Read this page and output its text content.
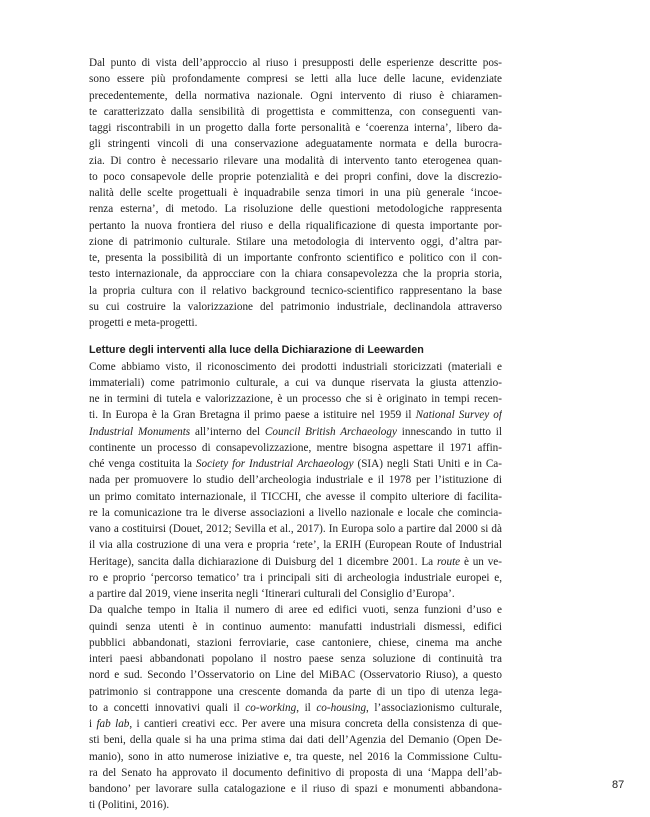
Dal punto di vista dell’approccio al riuso i presupposti delle esperienze descritte pos-
sono essere più profondamente compresi se letti alla luce delle lacune, evidenziate
precedentemente, della normativa nazionale. Ogni intervento di riuso è chiaramen-
te caratterizzato dalla sensibilità di progettista e committenza, con conseguenti van-
taggi riscontrabili in un progetto dalla forte personalità e ‘coerenza interna’, libero da-
gli stringenti vincoli di una conservazione adeguatamente normata e della burocra-
zia. Di contro è necessario rilevare una modalità di intervento tanto eterogenea quan-
to poco consapevole delle proprie potenzialità e dei propri confini, dove la discrezio-
nalità delle scelte progettuali è inquadrabile senza timori in una più generale ‘incoe-
renza esterna’, di metodo. La risoluzione delle questioni metodologiche rappresenta
pertanto la nuova frontiera del riuso e della riqualificazione di questa importante por-
zione di patrimonio culturale. Stilare una metodologia di intervento oggi, d’altra par-
te, presenta la possibilità di un importante confronto scientifico e politico con il con-
testo internazionale, da approcciare con la chiara consapevolezza che la propria storia,
la propria cultura con il relativo background tecnico-scientifico rappresentano la base
su cui costruire la valorizzazione del patrimonio industriale, declinandola attraverso
progetti e meta-progetti.
Letture degli interventi alla luce della Dichiarazione di Leewarden
Come abbiamo visto, il riconoscimento dei prodotti industriali storicizzati (materiali e
immateriali) come patrimonio culturale, a cui va dunque riservata la giusta attenzio-
ne in termini di tutela e valorizzazione, è un processo che si è originato in tempi recen-
ti. In Europa è la Gran Bretagna il primo paese a istituire nel 1959 il National Survey of
Industrial Monuments all’interno del Council British Archaeology innescando in tutto il
continente un processo di consapevolizzazione, mentre bisogna aspettare il 1971 affin-
ché venga costituita la Society for Industrial Archaeology (SIA) negli Stati Uniti e in Ca-
nada per promuovere lo studio dell’archeologia industriale e il 1978 per l’istituzione di
un primo comitato internazionale, il TICCHI, che avesse il compito ulteriore di facilita-
re la comunicazione tra le diverse associazioni a livello nazionale e locale che comincia-
vano a costituirsi (Douet, 2012; Sevilla et al., 2017). In Europa solo a partire dal 2000 si dà
il via alla costruzione di una vera e propria ‘rete’, la ERIH (European Route of Industrial
Heritage), sancita dalla dichiarazione di Duisburg del 1 dicembre 2001. La route è un ve-
ro e proprio ‘percorso tematico’ tra i principali siti di archeologia industriale europei e,
a partire dal 2019, viene inserita negli ‘Itinerari culturali del Consiglio d’Europa’.
Da qualche tempo in Italia il numero di aree ed edifici vuoti, senza funzioni d’uso e
quindi senza utenti è in continuo aumento: manufatti industriali dismessi, edifici
pubblici abbandonati, stazioni ferroviarie, case cantoniere, chiese, cinema ma anche
interi paesi abbandonati popolano il nostro paese senza soluzione di continuità tra
nord e sud. Secondo l’Osservatorio on Line del MiBAC (Osservatorio Riuso), a questo
patrimonio si contrappone una crescente domanda da parte di un tipo di utenza lega-
to a concetti innovativi quali il co-working, il co-housing, l’associazionismo culturale,
i fab lab, i cantieri creativi ecc. Per avere una misura concreta della consistenza di que-
sti beni, della quale si ha una prima stima dai dati dell’Agenzia del Demanio (Open De-
manio), sono in atto numerose iniziative e, tra queste, nel 2016 la Commissione Cultu-
ra del Senato ha approvato il documento definitivo di proposta di una ‘Mappa dell’ab-
bandono’ per lavorare sulla catalogazione e il riuso di spazi e monumenti abbandona-
ti (Politini, 2016).
87
